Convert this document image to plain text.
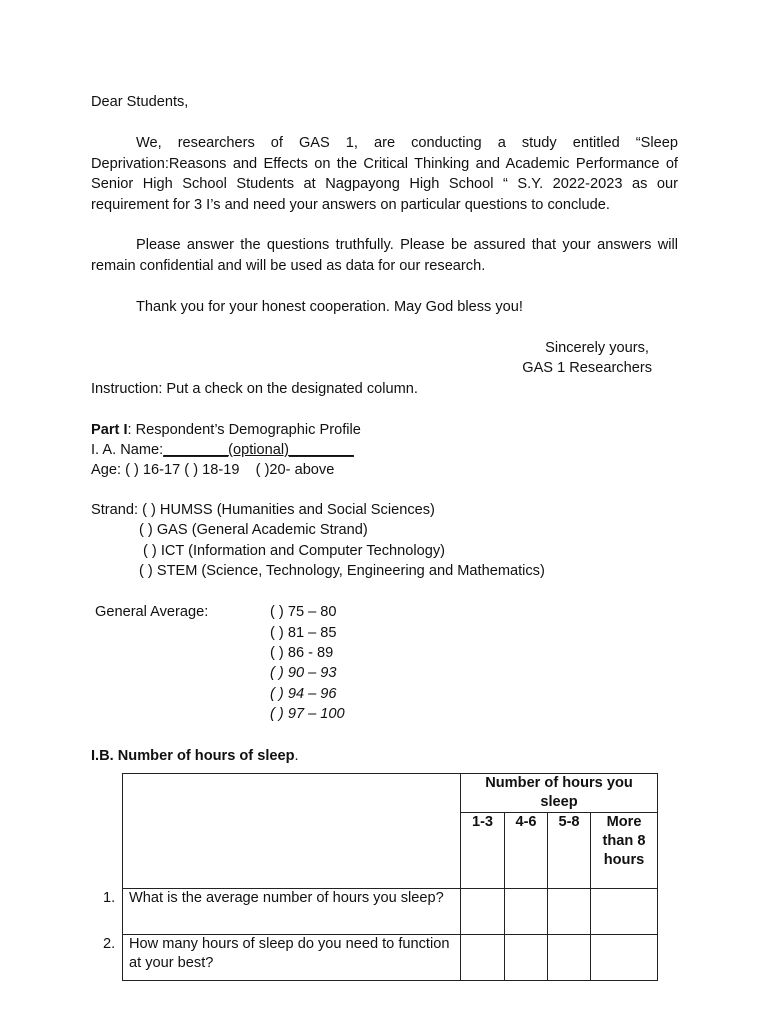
Dear Students,
We, researchers of GAS 1, are conducting a study entitled “Sleep
Deprivation:Reasons and Effects on the Critical Thinking and Academic Performance of
Senior High School Students at Nagpayong High School “ S.Y. 2022-2023 as our
requirement for 3 I’s and need your answers on particular questions to conclude.
Please answer the questions truthfully. Please be assured that your answers will
remain confidential and will be used as data for our research.
Thank you for your honest cooperation. May God bless you!
Sincerely yours,
GAS 1 Researchers
Instruction: Put a check on the designated column.
Part I: Respondent’s Demographic Profile
I. A. Name:________(optional)________
Age: ( ) 16-17 ( ) 18-19    ( )20- above
Strand: ( ) HUMSS (Humanities and Social Sciences)
( ) GAS (General Academic Strand)
( ) ICT (Information and Computer Technology)
( ) STEM (Science, Technology, Engineering and Mathematics)
General Average:	( ) 75 – 80
( ) 81 – 85
( ) 86 - 89
( ) 90 – 93
( ) 94 – 96
( ) 97 – 100
I.B. Number of hours of sleep.
	Number of hours you sleep			
	1-3	4-6	5-8	More than 8 hours

1. What is the average number of hours you sleep?				

2. How many hours of sleep do you need to function at your best?				
